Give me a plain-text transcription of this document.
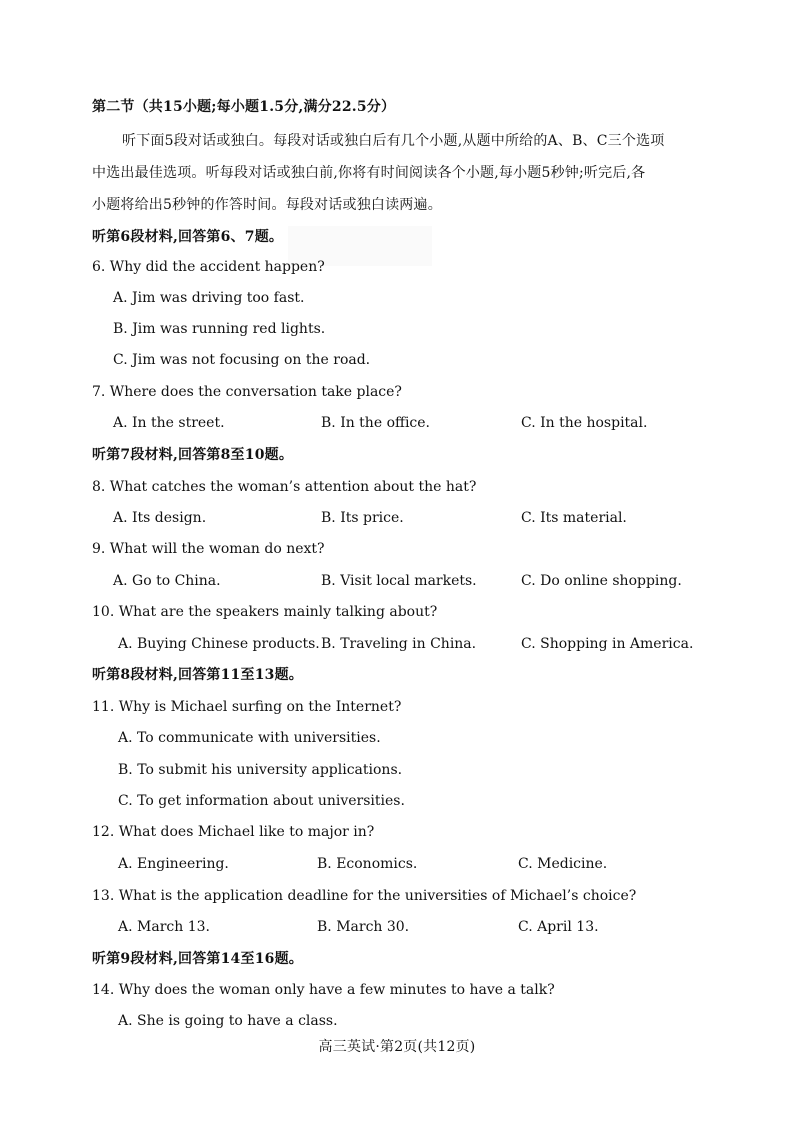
第二节（共15小题;每小题1.5分,满分22.5分）
听下面5段对话或独白。每段对话或独白后有几个小题,从题中所给的A、B、C三个选项
中选出最佳选项。听每段对话或独白前,你将有时间阅读各个小题,每小题5秒钟;听完后,各
小题将给出5秒钟的作答时间。每段对话或独白读两遍。
听第6段材料,回答第6、7题。
6. Why did the accident happen?
A. Jim was driving too fast.
B. Jim was running red lights.
C. Jim was not focusing on the road.
7. Where does the conversation take place?
A. In the street.	B. In the office.	C. In the hospital.
听第7段材料,回答第8至10题。
8. What catches the woman’s attention about the hat?
A. Its design.	B. Its price.	C. Its material.
9. What will the woman do next?
A. Go to China.	B. Visit local markets.	C. Do online shopping.
10. What are the speakers mainly talking about?
A. Buying Chinese products. B. Traveling in China.	C. Shopping in America.
听第8段材料,回答第11至13题。
11. Why is Michael surfing on the Internet?
A. To communicate with universities.
B. To submit his university applications.
C. To get information about universities.
12. What does Michael like to major in?
A. Engineering.	B. Economics.	C. Medicine.
13. What is the application deadline for the universities of Michael’s choice?
A. March 13.	B. March 30.	C. April 13.
听第9段材料,回答第14至16题。
14. Why does the woman only have a few minutes to have a talk?
A. She is going to have a class.
高三英试·第2页(共12页)
